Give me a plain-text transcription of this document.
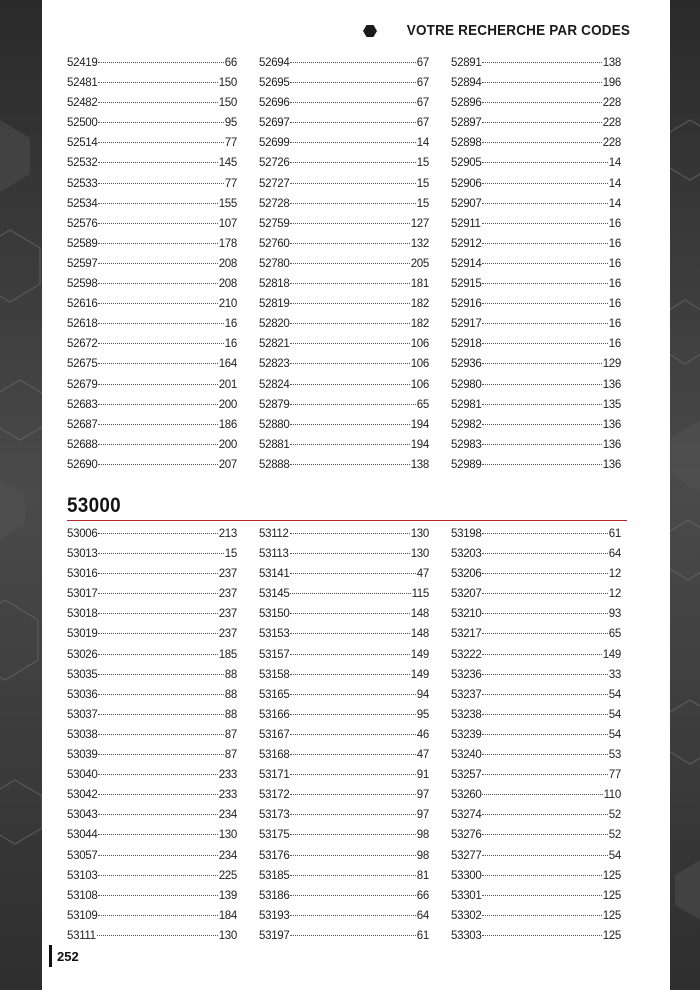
VOTRE RECHERCHE PAR CODES
52419	66
52481	150
52482	150
52500	95
52514	77
52532	145
52533	77
52534	155
52576	107
52589	178
52597	208
52598	208
52616	210
52618	16
52672	16
52675	164
52679	201
52683	200
52687	186
52688	200
52690	207
52694	67
52695	67
52696	67
52697	67
52699	14
52726	15
52727	15
52728	15
52759	127
52760	132
52780	205
52818	181
52819	182
52820	182
52821	106
52823	106
52824	106
52879	65
52880	194
52881	194
52888	138
52891	138
52894	196
52896	228
52897	228
52898	228
52905	14
52906	14
52907	14
52911	16
52912	16
52914	16
52915	16
52916	16
52917	16
52918	16
52936	129
52980	136
52981	135
52982	136
52983	136
52989	136
53000
53006	213
53013	15
53016	237
53017	237
53018	237
53019	237
53026	185
53035	88
53036	88
53037	88
53038	87
53039	87
53040	233
53042	233
53043	234
53044	130
53057	234
53103	225
53108	139
53109	184
53111	130
53112	130
53113	130
53141	47
53145	115
53150	148
53153	148
53157	149
53158	149
53165	94
53166	95
53167	46
53168	47
53171	91
53172	97
53173	97
53175	98
53176	98
53185	81
53186	66
53193	64
53197	61
53198	61
53203	64
53206	12
53207	12
53210	93
53217	65
53222	149
53236	33
53237	54
53238	54
53239	54
53240	53
53257	77
53260	110
53274	52
53276	52
53277	54
53300	125
53301	125
53302	125
53303	125
252
